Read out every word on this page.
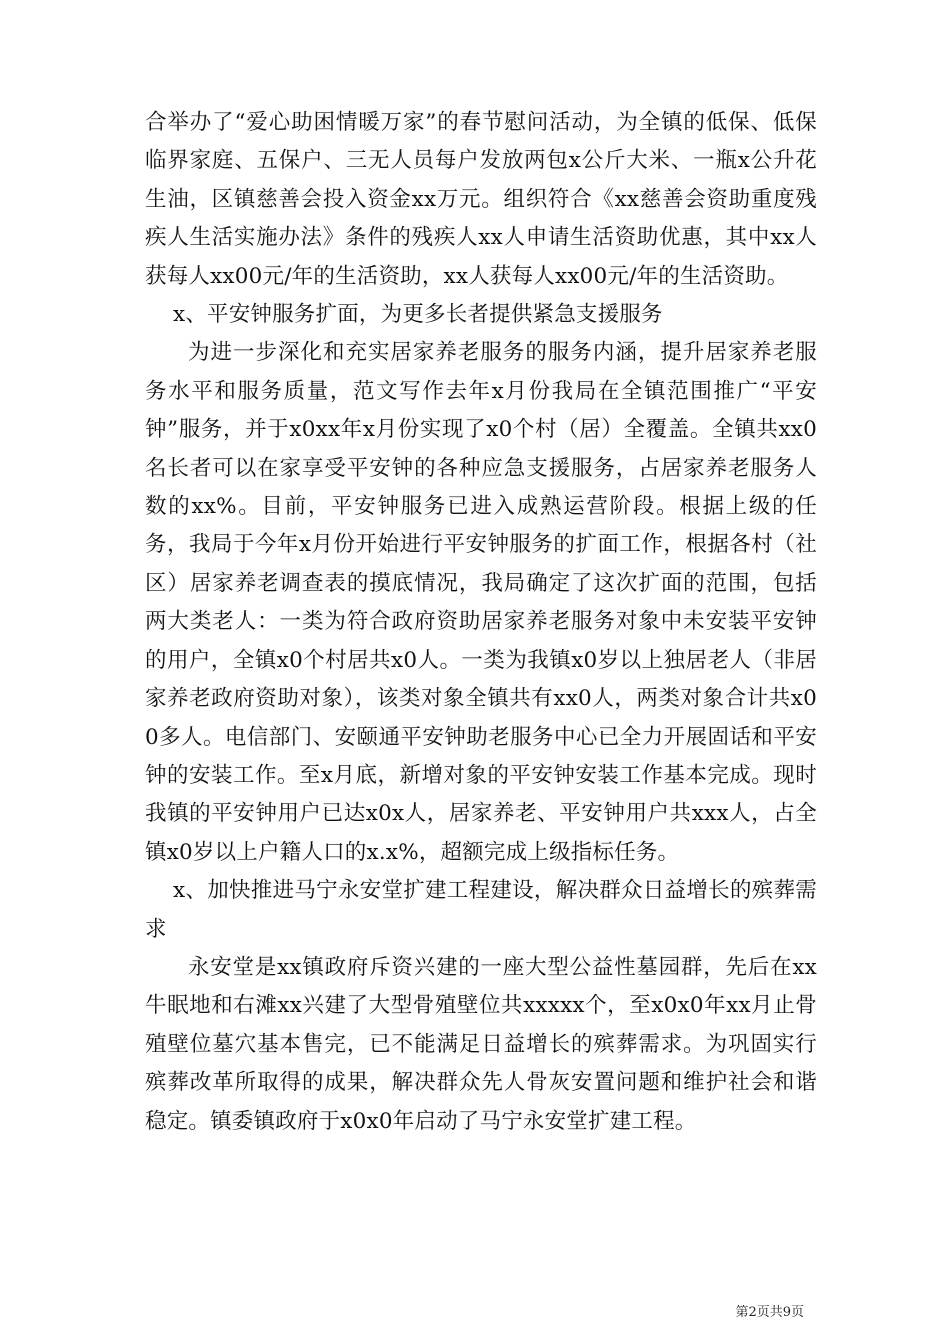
合举办了“爱心助困情暖万家”的春节慰问活动，为全镇的低保、低保临界家庭、五保户、三无人员每户发放两包x公斤大米、一瓶x公升花生油，区镇慈善会投入资金xx万元。组织符合《xx慈善会资助重度残疾人生活实施办法》条件的残疾人xx人申请生活资助优惠，其中xx人获每人xx00元/年的生活资助，xx人获每人xx00元/年的生活资助。

x、平安钟服务扩面，为更多长者提供紧急支援服务

为进一步深化和充实居家养老服务的服务内涵，提升居家养老服务水平和服务质量，范文写作去年x月份我局在全镇范围推广“平安钟”服务，并于x0xx年x月份实现了x0个村（居）全覆盖。全镇共xx0名长者可以在家享受平安钟的各种应急支援服务，占居家养老服务人数的xx%。目前，平安钟服务已进入成熟运营阶段。根据上级的任务，我局于今年x月份开始进行平安钟服务的扩面工作，根据各村（社区）居家养老调查表的摸底情况，我局确定了这次扩面的范围，包括两大类老人：一类为符合政府资助居家养老服务对象中未安装平安钟的用户，全镇x0个村居共x0人。一类为我镇x0岁以上独居老人（非居家养老政府资助对象），该类对象全镇共有xx0人，两类对象合计共x00多人。电信部门、安颐通平安钟助老服务中心已全力开展固话和平安钟的安装工作。至x月底，新增对象的平安钟安装工作基本完成。现时我镇的平安钟用户已达x0x人，居家养老、平安钟用户共xxx人，占全镇x0岁以上户籍人口的x.x%，超额完成上级指标任务。

x、加快推进马宁永安堂扩建工程建设，解决群众日益增长的殡葬需求

永安堂是xx镇政府斥资兴建的一座大型公益性墓园群，先后在xx牛眠地和右滩xx兴建了大型骨殖壁位共xxxxx个，至x0x0年xx月止骨殖壁位墓穴基本售完，已不能满足日益增长的殡葬需求。为巩固实行殡葬改革所取得的成果，解决群众先人骨灰安置问题和维护社会和谐稳定。镇委镇政府于x0x0年启动了马宁永安堂扩建工程。

第2页共9页
